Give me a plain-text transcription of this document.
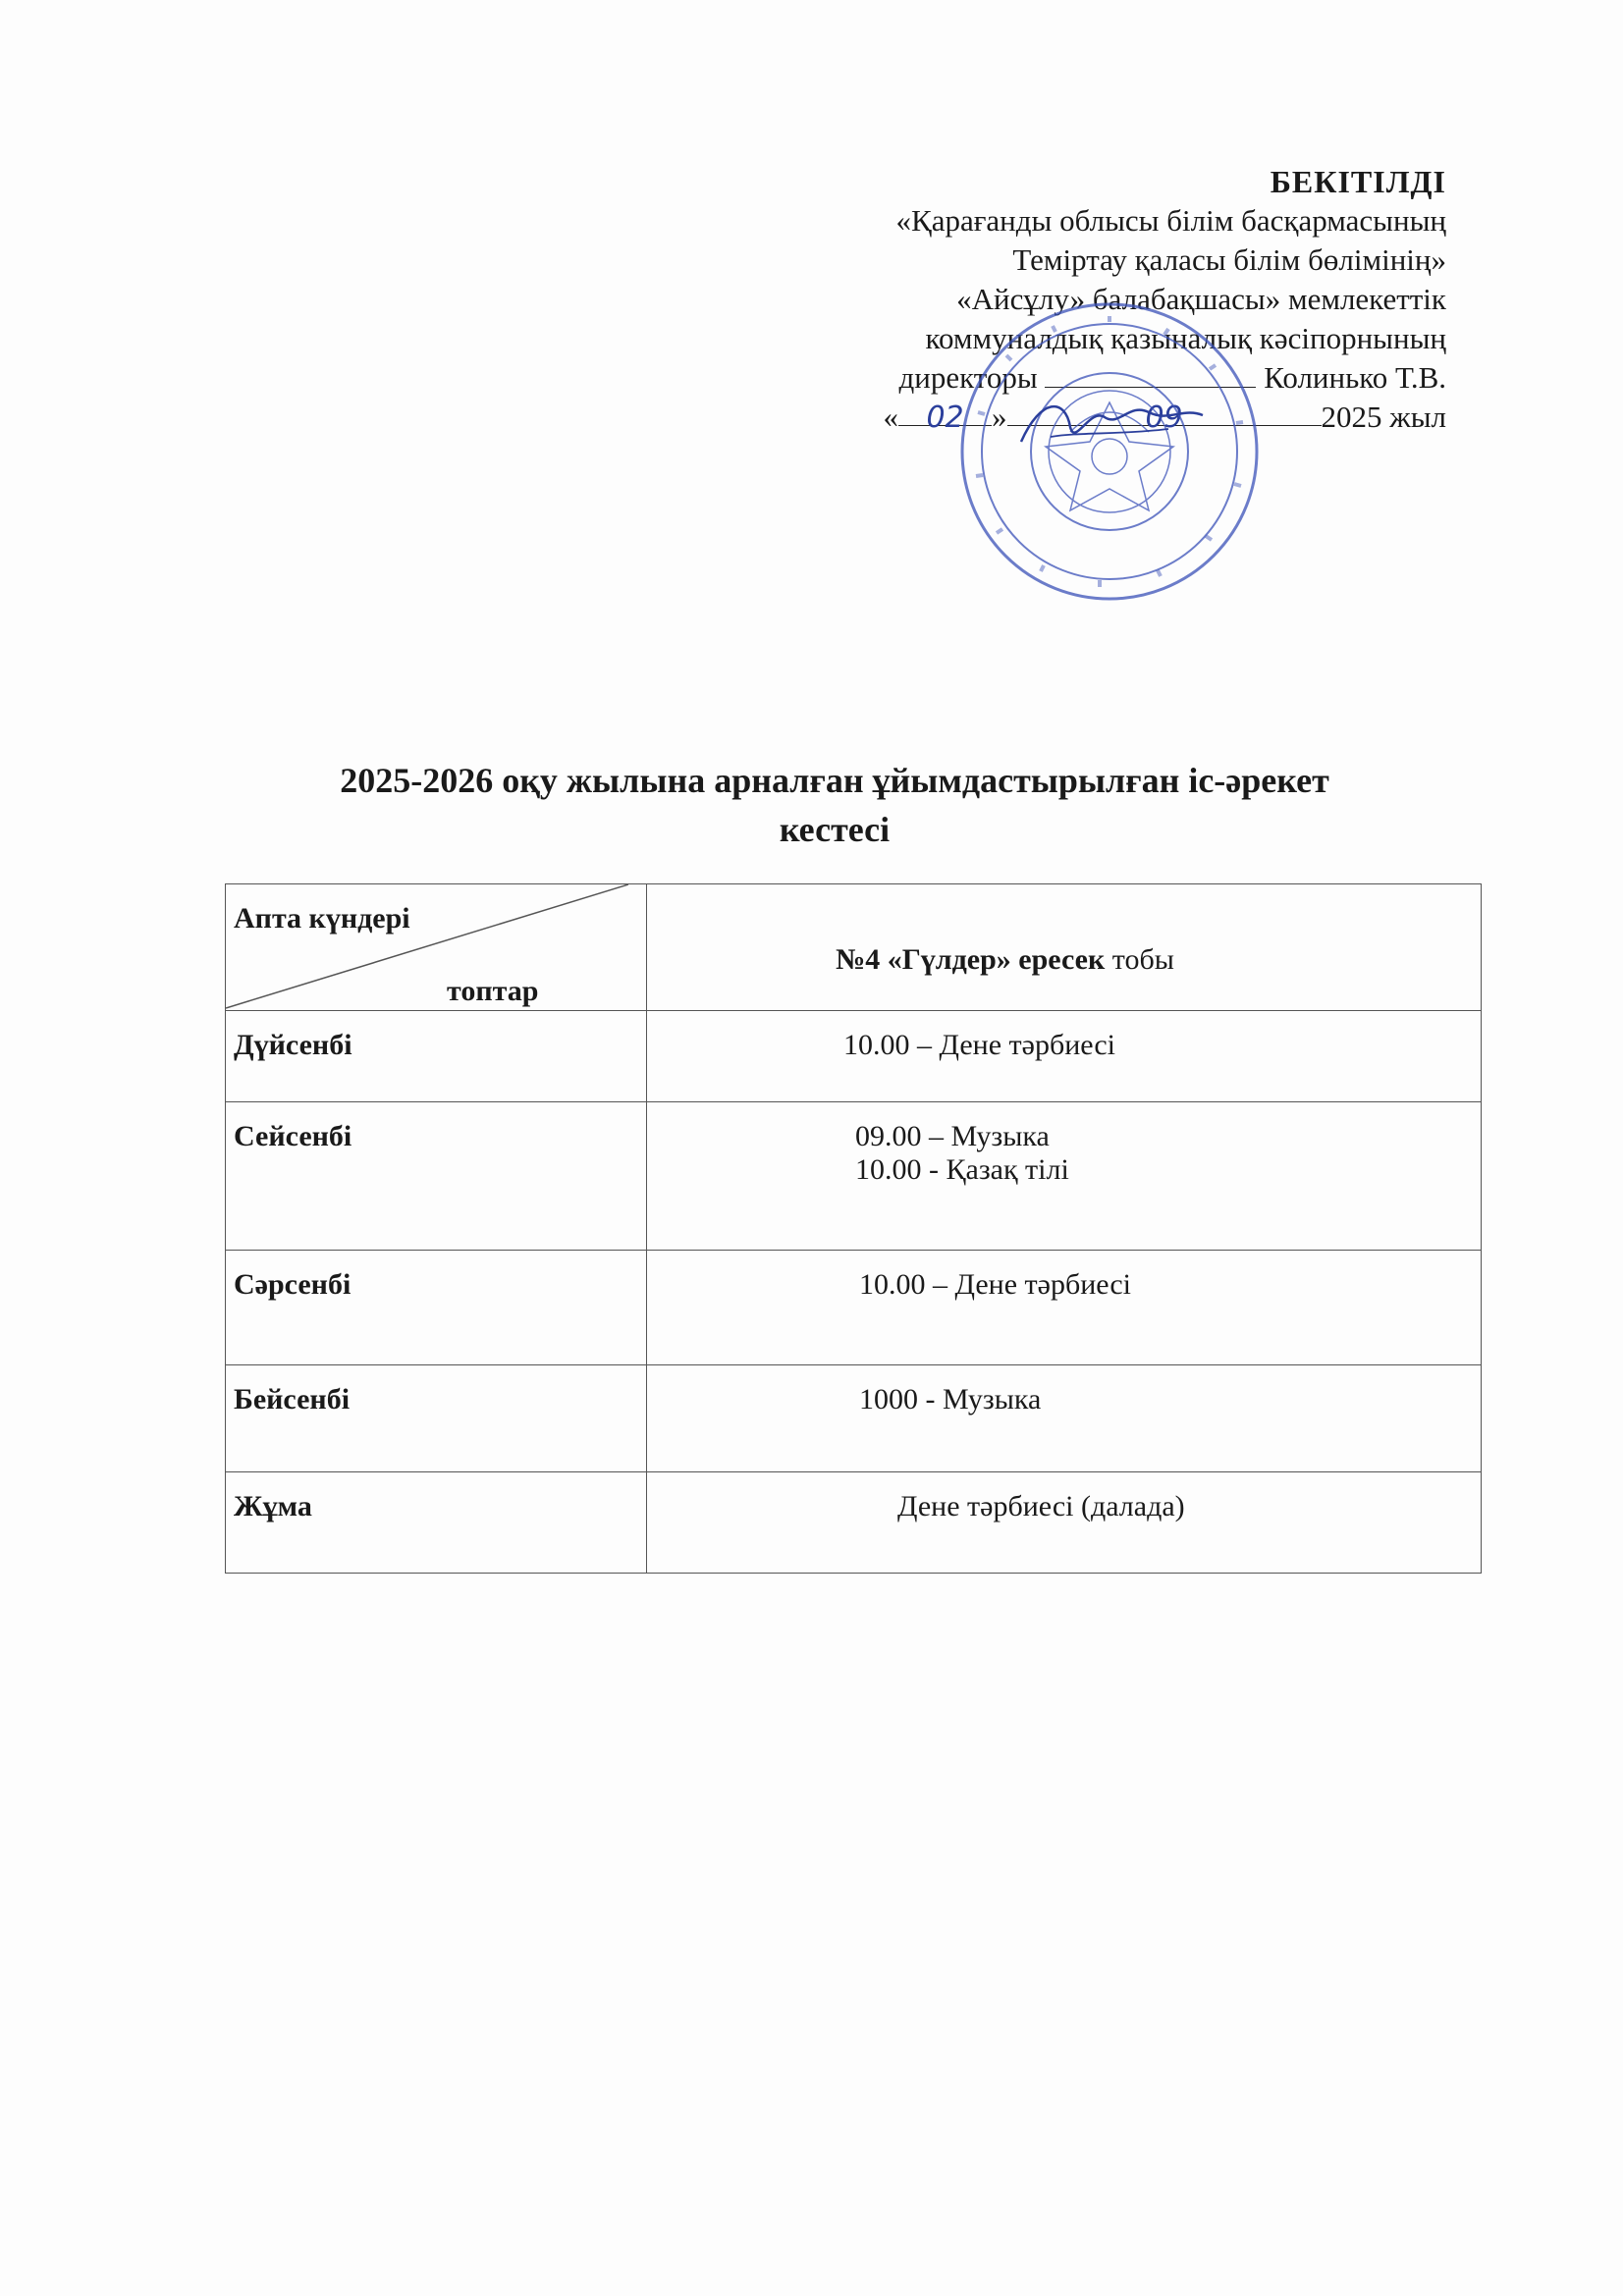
БЕКІТІЛДІ
«Қарағанды облысы білім басқармасының
Теміртау қаласы білім бөлімінің»
«Айсұлу» балабақшасы» мемлекеттік
коммуналдық қазыналық кәсіпорнының
директоры	Колинько Т.В.
« 02 »	09	2025 жыл
2025-2026 оқу жылына арналған ұйымдастырылған іс-әрекет
кестесі
Апта күндері
топтар	№4 «Гүлдер» ересек тобы
Дүйсенбі	10.00 – Дене тәрбиесі

Сейсенбі	09.00 – Музыка
10.00 - Қазақ тілі

Сәрсенбі	10.00 – Дене тәрбиесі

Бейсенбі	1000 - Музыка

Жұма	Дене тәрбиесі (далада)
